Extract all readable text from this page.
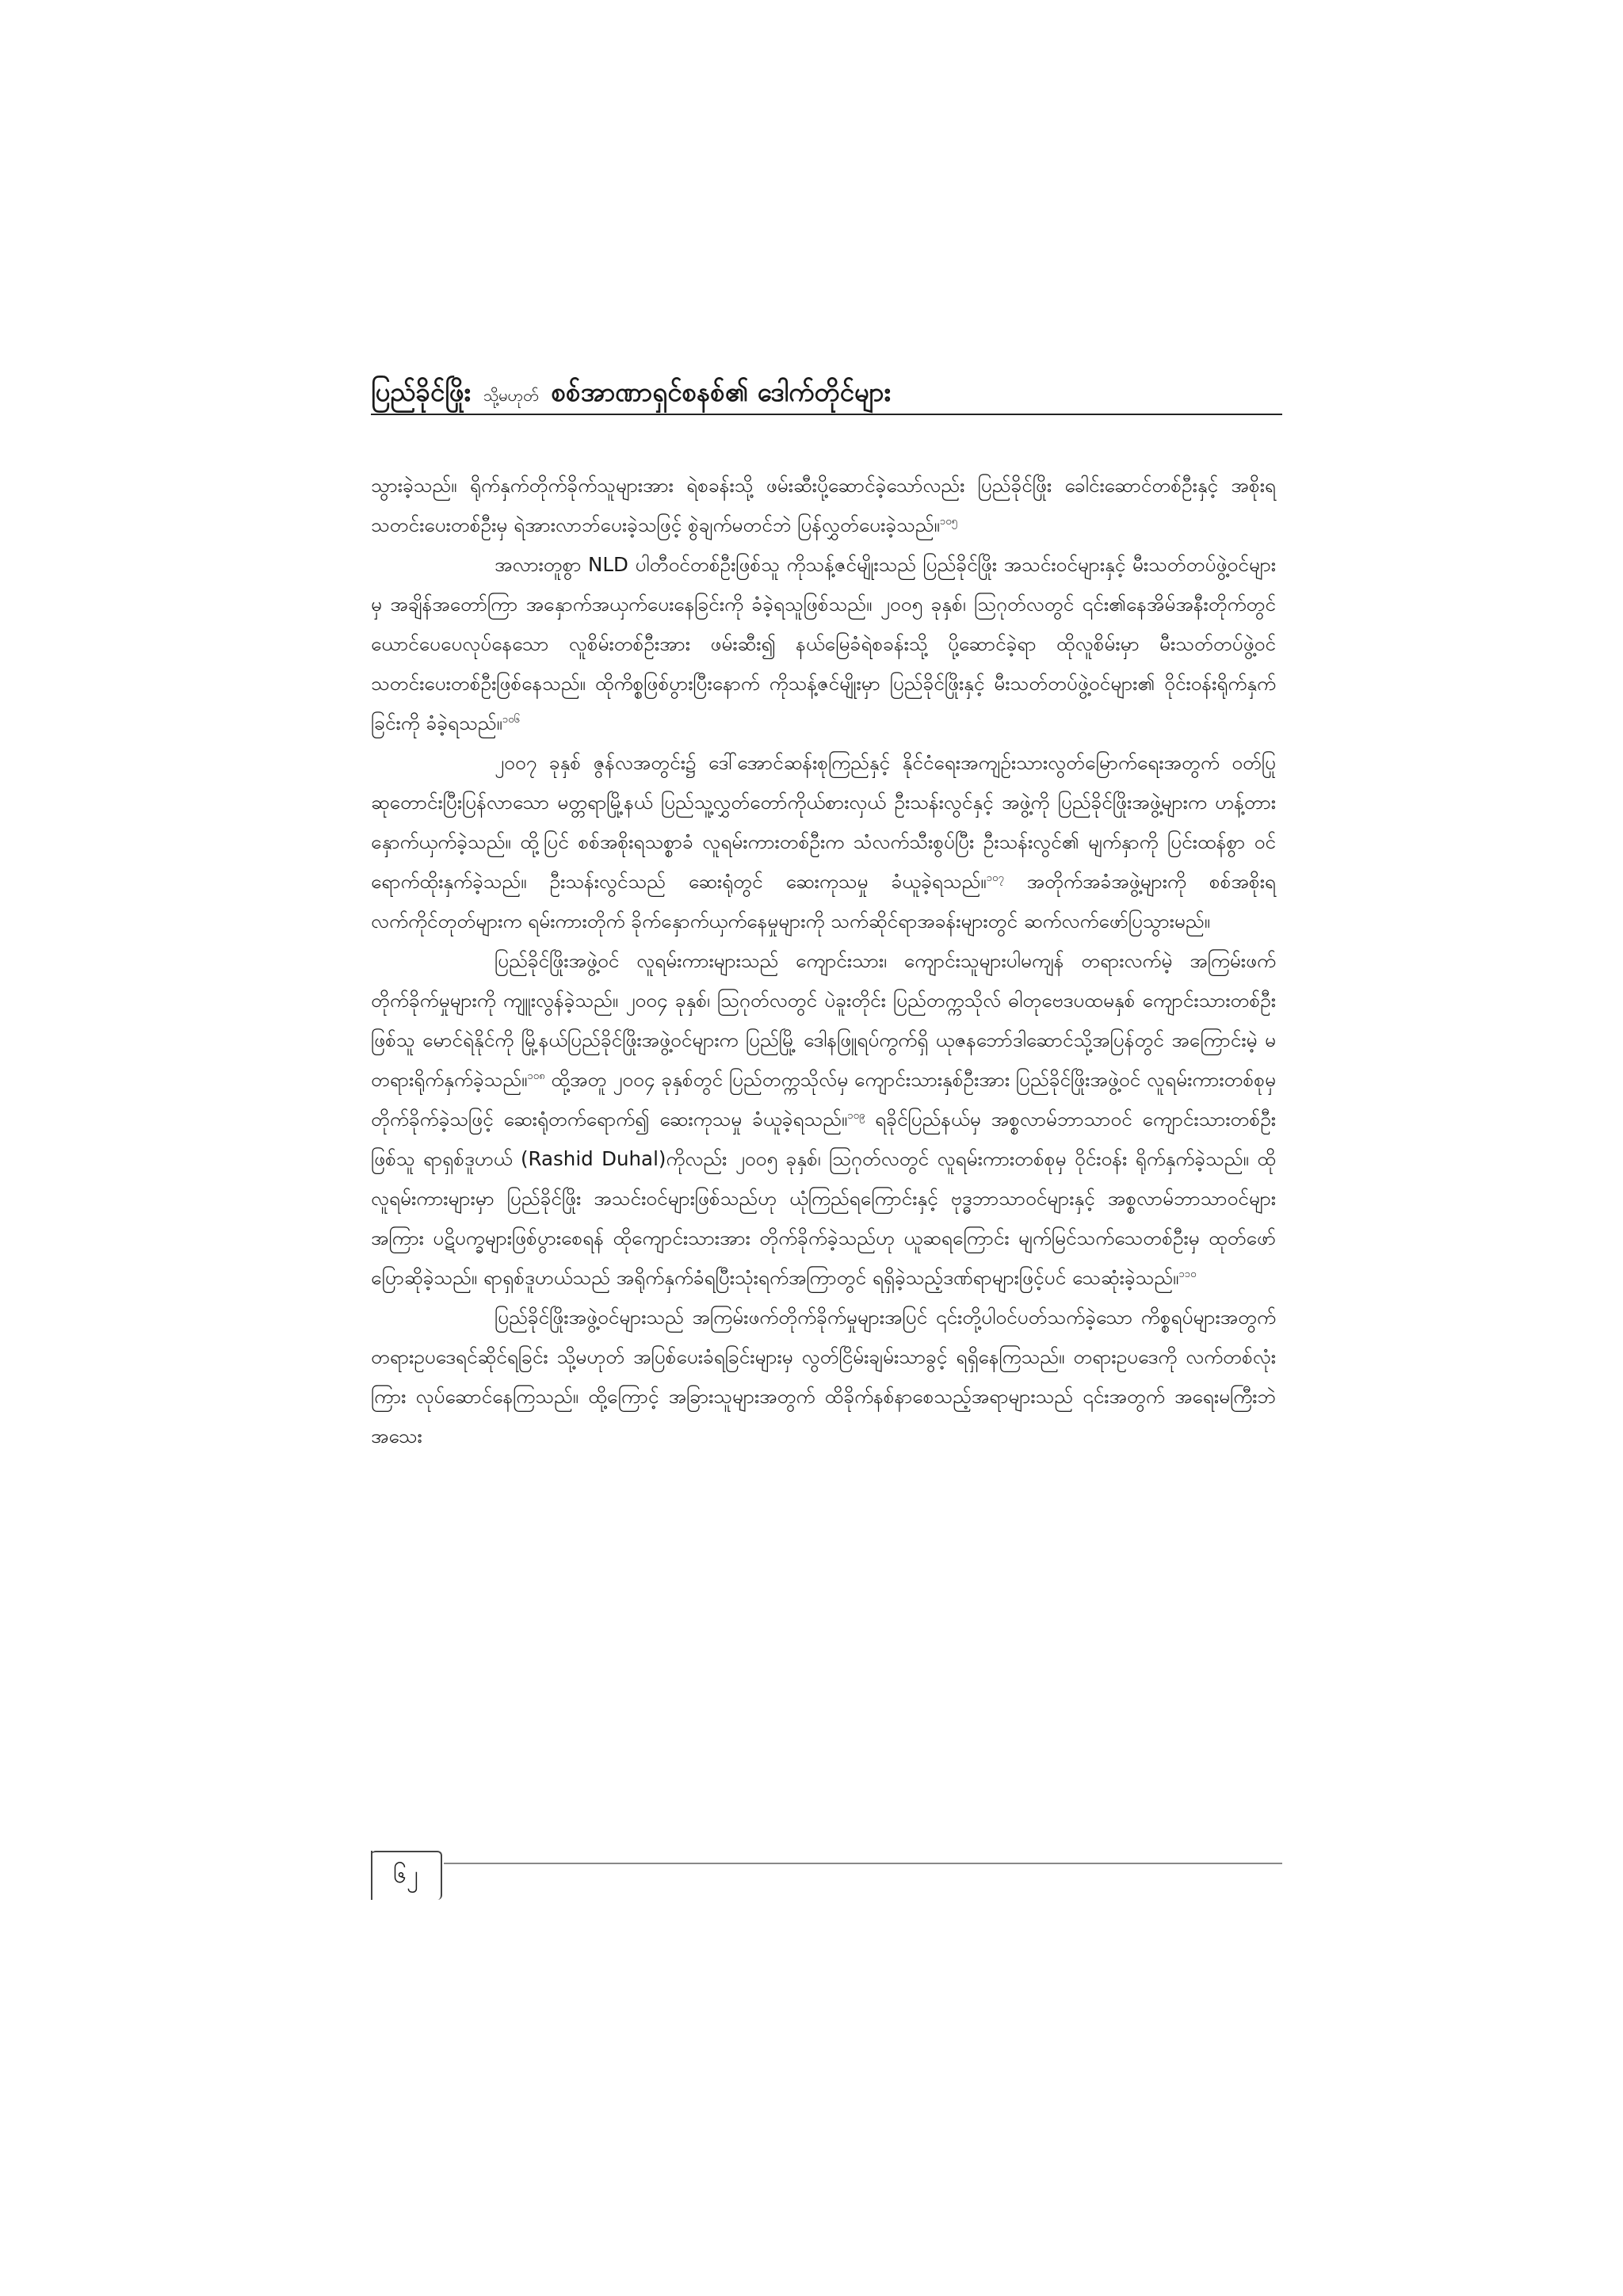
ပြည်ခိုင်ဖြိုး သို့မဟုတ် စစ်အာဏာရှင်စနစ်၏ ဒေါက်တိုင်များ

သွားခဲ့သည်။ ရိုက်နှက်တိုက်ခိုက်သူများအား ရဲစခန်းသို့ ဖမ်းဆီးပို့ဆောင်ခဲ့သော်လည်း ပြည်ခိုင်ဖြိုး ခေါင်းဆောင်တစ်ဦးနှင့် အစိုးရသတင်းပေးတစ်ဦးမှ ရဲအားလာဘ်ပေးခဲ့သဖြင့် စွဲချက်မတင်ဘဲ ပြန်လွှတ်ပေးခဲ့သည်။$^{၁၀၅}$

အလားတူစွာ NLD ပါတီဝင်တစ်ဦးဖြစ်သူ ကိုသန့်ဇင်မျိုးသည် ပြည်ခိုင်ဖြိုး အသင်းဝင်များနှင့် မီးသတ်တပ်ဖွဲ့ဝင်များမှ အချိန်အတော်ကြာ အနှောက်အယှက်ပေးနေခြင်းကို ခံခဲ့ရသူဖြစ်သည်။ ၂၀၀၅ ခုနှစ်၊ ဩဂုတ်လတွင် ၎င်း၏နေအိမ်အနီးတိုက်တွင် ယောင်ပေပေလုပ်နေသော လူစိမ်းတစ်ဦးအား ဖမ်းဆီး၍ နယ်မြေခံရဲစခန်းသို့ ပို့ဆောင်ခဲ့ရာ ထိုလူစိမ်းမှာ မီးသတ်တပ်ဖွဲ့ဝင် သတင်းပေးတစ်ဦးဖြစ်နေသည်။ ထိုကိစ္စဖြစ်ပွားပြီးနောက် ကိုသန့်ဇင်မျိုးမှာ ပြည်ခိုင်ဖြိုးနှင့် မီးသတ်တပ်ဖွဲ့ဝင်များ၏ ဝိုင်းဝန်းရိုက်နှက်ခြင်းကို ခံခဲ့ရသည်။$^{၁၀၆}$

၂၀၀၇ ခုနှစ် ဇွန်လအတွင်း၌ ဒေါ်အောင်ဆန်းစုကြည်နှင့် နိုင်ငံရေးအကျဉ်းသားလွတ်မြောက်ရေးအတွက် ဝတ်ပြုဆုတောင်းပြီးပြန်လာသော မတ္တရာမြို့နယ် ပြည်သူ့လွှတ်တော်ကိုယ်စားလှယ် ဦးသန်းလွင်နှင့် အဖွဲ့ကို ပြည်ခိုင်ဖြိုးအဖွဲ့များက ဟန့်တားနှောက်ယှက်ခဲ့သည်။ ထို့ပြင် စစ်အစိုးရသစ္စာခံ လူရမ်းကားတစ်ဦးက သံလက်သီးစွပ်ပြီး ဦးသန်းလွင်၏ မျက်နှာကို ပြင်းထန်စွာ ဝင်ရောက်ထိုးနှက်ခဲ့သည်။ ဦးသန်းလွင်သည် ဆေးရုံတွင် ဆေးကုသမှု ခံယူခဲ့ရသည်။$^{၁၀၇}$ အတိုက်အခံအဖွဲ့များကို စစ်အစိုးရလက်ကိုင်တုတ်များက ရမ်းကားတိုက် ခိုက်နှောက်ယှက်နေမှုများကို သက်ဆိုင်ရာအခန်းများတွင် ဆက်လက်ဖော်ပြသွားမည်။

ပြည်ခိုင်ဖြိုးအဖွဲ့ဝင် လူရမ်းကားများသည် ကျောင်းသား၊ ကျောင်းသူများပါမကျန် တရားလက်မဲ့ အကြမ်းဖက်တိုက်ခိုက်မှုများကို ကျူးလွန်ခဲ့သည်။ ၂၀၀၄ ခုနှစ်၊ ဩဂုတ်လတွင် ပဲခူးတိုင်း ပြည်တက္ကသိုလ် ဓါတုဗေဒပထမနှစ် ကျောင်းသားတစ်ဦးဖြစ်သူ မောင်ရဲနိုင်ကို မြို့နယ်ပြည်ခိုင်ဖြိုးအဖွဲ့ဝင်များက ပြည်မြို့ ဒေါနဖြူရပ်ကွက်ရှိ ယုဇနဘော်ဒါဆောင်သို့အပြန်တွင် အကြောင်းမဲ့ မတရားရိုက်နှက်ခဲ့သည်။$^{၁၀၈}$ ထို့အတူ ၂၀၀၄ ခုနှစ်တွင် ပြည်တက္ကသိုလ်မှ ကျောင်းသားနှစ်ဦးအား ပြည်ခိုင်ဖြိုးအဖွဲ့ဝင် လူရမ်းကားတစ်စုမှ တိုက်ခိုက်ခဲ့သဖြင့် ဆေးရုံတက်ရောက်၍ ဆေးကုသမှု ခံယူခဲ့ရသည်။$^{၁၀၉}$ ရခိုင်ပြည်နယ်မှ အစ္စလာမ်ဘာသာဝင် ကျောင်းသားတစ်ဦးဖြစ်သူ ရာရှစ်ဒူဟယ် (Rashid Duhal)ကိုလည်း ၂၀၀၅ ခုနှစ်၊ ဩဂုတ်လတွင် လူရမ်းကားတစ်စုမှ ဝိုင်းဝန်း ရိုက်နှက်ခဲ့သည်။ ထိုလူရမ်းကားများမှာ ပြည်ခိုင်ဖြိုး အသင်းဝင်များဖြစ်သည်ဟု ယုံကြည်ရကြောင်းနှင့် ဗုဒ္ဓဘာသာဝင်များနှင့် အစ္စလာမ်ဘာသာဝင်များ အကြား ပဋိပက္ခများဖြစ်ပွားစေရန် ထိုကျောင်းသားအား တိုက်ခိုက်ခဲ့သည်ဟု ယူဆရကြောင်း မျက်မြင်သက်သေတစ်ဦးမှ ထုတ်ဖော်ပြောဆိုခဲ့သည်။ ရာရှစ်ဒူဟယ်သည် အရိုက်နှက်ခံရပြီးသုံးရက်အကြာတွင် ရရှိခဲ့သည့်ဒဏ်ရာများဖြင့်ပင် သေဆုံးခဲ့သည်။$^{၁၁၀}$

ပြည်ခိုင်ဖြိုးအဖွဲ့ဝင်များသည် အကြမ်းဖက်တိုက်ခိုက်မှုများအပြင် ၎င်းတို့ပါဝင်ပတ်သက်ခဲ့သော ကိစ္စရပ်များအတွက် တရားဥပဒေရင်ဆိုင်ရခြင်း သို့မဟုတ် အပြစ်ပေးခံရခြင်းများမှ လွတ်ငြိမ်းချမ်းသာခွင့် ရရှိနေကြသည်။ တရားဥပဒေကို လက်တစ်လုံးကြား လုပ်ဆောင်နေကြသည်။ ထို့ကြောင့် အခြားသူများအတွက် ထိခိုက်နစ်နာစေသည့်အရာများသည် ၎င်းအတွက် အရေးမကြီးဘဲ အသေး

၆၂
